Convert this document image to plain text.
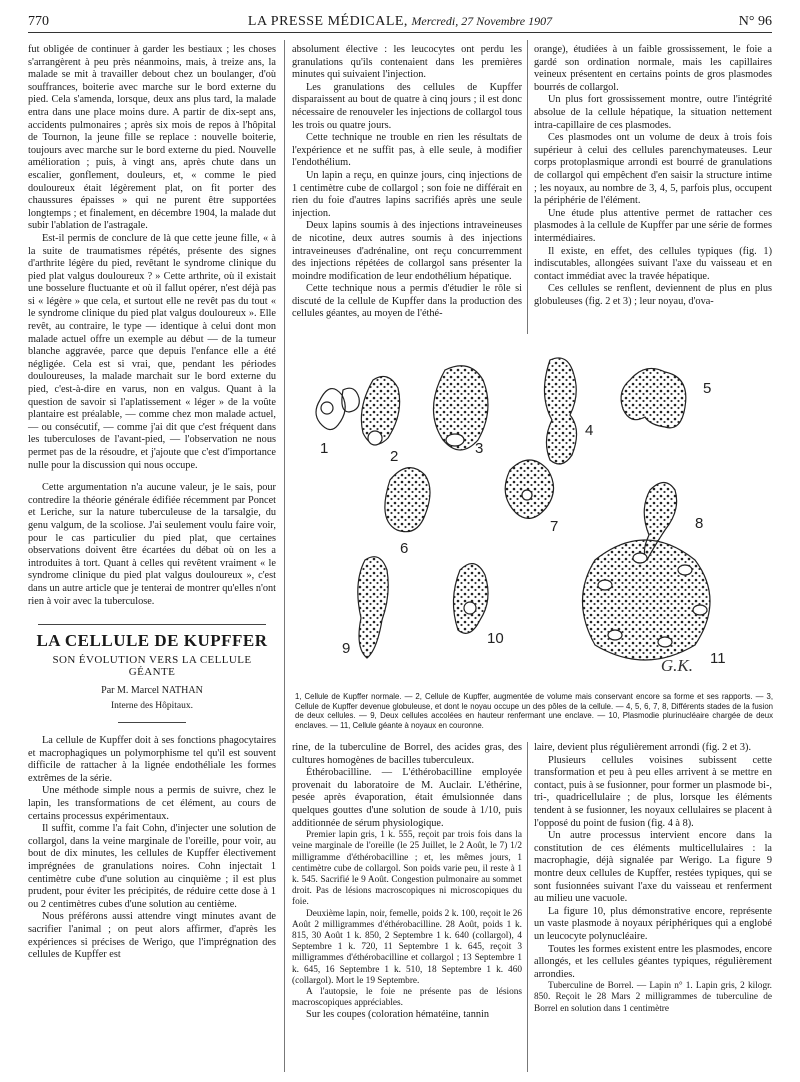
770	LA PRESSE MÉDICALE, Mercredi, 27 Novembre 1907	N° 96

fut obligée de continuer à garder les bestiaux ; les choses s'arrangèrent à peu près néanmoins, mais, à treize ans, la malade se mit à travailler debout chez un boulanger, d'où souffrances, boiterie avec marche sur le bord externe du pied. Cela s'amenda, lorsque, deux ans plus tard, la malade entra dans une place moins dure. A partir de dix-sept ans, accidents pulmonaires ; après six mois de repos à l'hôpital de Tournon, la jeune fille se replace : nouvelle boiterie, toujours avec marche sur le bord externe du pied. Nouvelle amélioration ; puis, à vingt ans, après chute dans un escalier, gonflement, douleurs, et, « comme le pied douloureux était légèrement plat, on fit porter des chaussures épaisses » qui ne purent être supportées longtemps ; et finalement, en décembre 1904, la malade dut subir l'ablation de l'astragale.

Est-il permis de conclure de là que cette jeune fille, « à la suite de traumatismes répétés, présente des signes d'arthrite légère du pied, revêtant le syndrome clinique du pied plat valgus douloureux ? » Cette arthrite, où il existait une bosselure fluctuante et où il fallut opérer, n'est déjà pas si « légère » que cela, et surtout elle ne revêt pas du tout « le syndrome clinique du pied plat valgus douloureux ». Elle revêt, au contraire, le type — identique à celui dont mon malade actuel offre un exemple au début — de la tumeur blanche aggravée, parce que depuis l'enfance elle a été négligée. Cela est si vrai, que, pendant les périodes douloureuses, la malade marchait sur le bord externe du pied, c'est-à-dire en varus, non en valgus. Quant à la question de savoir si l'aplatissement « léger » de la voûte plantaire est préalable, — comme chez mon malade actuel, — ou consécutif, — comme j'ai dit que c'est fréquent dans les tuberculoses de l'avant-pied, — l'observation ne nous permet pas de la résoudre, et j'ajoute que c'est d'importance nulle pour la discussion qui nous occupe.

Cette argumentation n'a aucune valeur, je le sais, pour contredire la théorie générale édifiée récemment par Poncet et Leriche, sur la nature tuberculeuse de la tarsalgie, du genu valgum, de la scoliose. J'ai seulement voulu faire voir, pour le cas particulier du pied plat, que certaines observations doivent être écartées du débat où on les a introduites à tort. Quant à celles qui revêtent vraiment « le syndrome clinique du pied plat valgus douloureux », c'est dans un autre article que je tenterai de montrer qu'elles n'ont rien à voir avec la tuberculose.

LA CELLULE DE KUPFFER
SON ÉVOLUTION VERS LA CELLULE GÉANTE
Par M. Marcel NATHAN
Interne des Hôpitaux.

La cellule de Kupffer doit à ses fonctions phagocytaires et macrophagiques un polymorphisme tel qu'il est souvent difficile de rattacher à la lignée endothéliale les formes extrêmes de la série.

Une méthode simple nous a permis de suivre, chez le lapin, les transformations de cet élément, au cours de certains processus expérimentaux.

Il suffit, comme l'a fait Cohn, d'injecter une solution de collargol, dans la veine marginale de l'oreille, pour voir, au bout de dix minutes, les cellules de Kupffer électivement imprégnées de granulations noires. Cohn injectait 1 centimètre cube d'une solution au cinquième ; il est plus prudent, pour éviter les précipités, de réduire cette dose à 1 ou 2 centimètres cubes d'une solution au centième.

Nous préférons aussi attendre vingt minutes avant de sacrifier l'animal ; on peut alors affirmer, d'après les expériences si précises de Werigo, que l'imprégnation des cellules de Kupffer est

absolument élective : les leucocytes ont perdu les granulations qu'ils contenaient dans les premières minutes qui suivaient l'injection.

Les granulations des cellules de Kupffer disparaissent au bout de quatre à cinq jours ; il est donc nécessaire de renouveler les injections de collargol tous les trois ou quatre jours.

Cette technique ne trouble en rien les résultats de l'expérience et ne suffit pas, à elle seule, à modifier l'endothélium.

Un lapin a reçu, en quinze jours, cinq injections de 1 centimètre cube de collargol ; son foie ne différait en rien du foie d'autres lapins sacrifiés après une seule injection.

Deux lapins soumis à des injections intraveineuses de nicotine, deux autres soumis à des injections intraveineuses d'adrénaline, ont reçu concurremment des injections répétées de collargol sans présenter la moindre modification de leur endothélium hépatique.

Cette technique nous a permis d'étudier le rôle si discuté de la cellule de Kupffer dans la production des cellules géantes, au moyen de l'éthé-

orange), étudiées à un faible grossissement, le foie a gardé son ordination normale, mais les capillaires veineux présentent en certains points de gros plasmodes bourrés de collargol.

Un plus fort grossissement montre, outre l'intégrité absolue de la cellule hépatique, la situation nettement intra-capillaire de ces plasmodes.

Ces plasmodes ont un volume de deux à trois fois supérieur à celui des cellules parenchymateuses. Leur corps protoplasmique arrondi est bourré de granulations de collargol qui empêchent d'en saisir la structure intime ; les noyaux, au nombre de 3, 4, 5, parfois plus, occupent la périphérie de l'élément.

Une étude plus attentive permet de rattacher ces plasmodes à la cellule de Kupffer par une série de formes intermédiaires.

Il existe, en effet, des cellules typiques (fig. 1) indiscutables, allongées suivant l'axe du vaisseau et en contact immédiat avec la travée hépatique.

Ces cellules se renflent, deviennent de plus en plus globuleuses (fig. 2 et 3) ; leur noyau, d'ova-

1	2	3
4
5
6
7	8
9
10
11
G.K.
1, Cellule de Kupffer normale. — 2, Cellule de Kupffer, augmentée de volume mais conservant encore sa forme et ses rapports. — 3, Cellule de Kupffer devenue globuleuse, et dont le noyau occupe un des pôles de la cellule. — 4, 5, 6, 7, 8, Différents stades de la fusion de deux cellules. — 9, Deux cellules accolées en hauteur renfermant une enclave. — 10, Plasmodie plurinucléaire chargée de deux enclaves. — 11, Cellule géante à noyaux en couronne.

rine, de la tuberculine de Borrel, des acides gras, des cultures homogènes de bacilles tuberculeux.

Éthérobacilline. — L'éthérobacilline employée provenait du laboratoire de M. Auclair. L'éthérine, pesée après évaporation, était émulsionnée dans quelques gouttes d'une solution de soude à 1/10, puis additionnée de sérum physiologique.

Premier lapin gris, 1 k. 555, reçoit par trois fois dans la veine marginale de l'oreille (le 25 Juillet, le 2 Août, le 7) 1/2 milligramme d'éthérobacilline ; et, les mêmes jours, 1 centimètre cube de collargol. Son poids varie peu, il reste à 1 k. 545. Sacrifié le 9 Août. Congestion pulmonaire au sommet droit. Pas de lésions macroscopiques ni microscopiques du foie.

Deuxième lapin, noir, femelle, poids 2 k. 100, reçoit le 26 Août 2 milligrammes d'éthérobacilline. 28 Août, poids 1 k. 815, 30 Août 1 k. 850, 2 Septembre 1 k. 640 (collargol), 4 Septembre 1 k. 720, 11 Septembre 1 k. 645, reçoit 3 milligrammes d'éthérobacilline et collargol ; 13 Septembre 1 k. 645, 16 Septembre 1 k. 510, 18 Septembre 1 k. 460 (collargol). Mort le 19 Septembre.

A l'autopsie, le foie ne présente pas de lésions macroscopiques appréciables.

Sur les coupes (coloration hématéine, tannin

laire, devient plus régulièrement arrondi (fig. 2 et 3).

Plusieurs cellules voisines subissent cette transformation et peu à peu elles arrivent à se mettre en contact, puis à se fusionner, pour former un plasmode bi-, tri-, quadricellulaire ; de plus, lorsque les éléments tendent à se fusionner, les noyaux cellulaires se placent à l'opposé du point de fusion (fig. 4 à 8).

Un autre processus intervient encore dans la constitution de ces éléments multicellulaires : la macrophagie, déjà signalée par Werigo. La figure 9 montre deux cellules de Kupffer, restées typiques, qui se sont fusionnées suivant l'axe du vaisseau et renferment au milieu une vacuole.

La figure 10, plus démonstrative encore, représente un vaste plasmode à noyaux périphériques qui a englobé un leucocyte polynucléaire.

Toutes les formes existent entre les plasmodes, encore allongés, et les cellules géantes typiques, régulièrement arrondies.

Tuberculine de Borrel. — Lapin n° 1. Lapin gris, 2 kilogr. 850. Reçoit le 28 Mars 2 milligrammes de tuberculine de Borrel en solution dans 1 centimètre
